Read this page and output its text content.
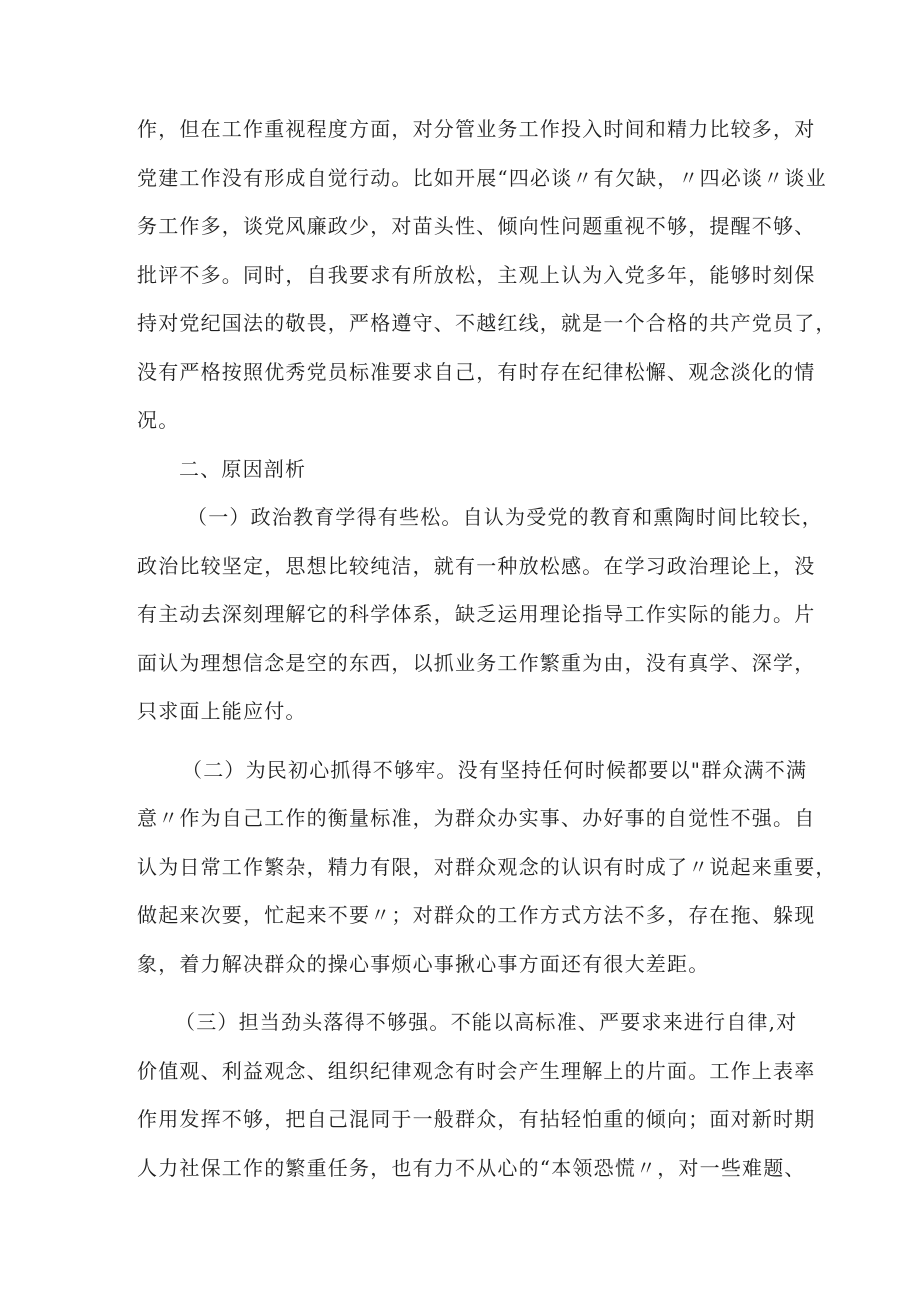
作，但在工作重视程度方面，对分管业务工作投入时间和精力比较多，对
党建工作没有形成自觉行动。比如开展“四必谈〃有欠缺，〃四必谈〃谈业
务工作多，谈党风廉政少，对苗头性、倾向性问题重视不够，提醒不够、
批评不多。同时，自我要求有所放松，主观上认为入党多年，能够时刻保
持对党纪国法的敬畏，严格遵守、不越红线，就是一个合格的共产党员了，
没有严格按照优秀党员标准要求自己，有时存在纪律松懈、观念淡化的情
况。

二、原因剖析

（一）政治教育学得有些松。自认为受党的教育和熏陶时间比较长，
政治比较坚定，思想比较纯洁，就有一种放松感。在学习政治理论上，没
有主动去深刻理解它的科学体系，缺乏运用理论指导工作实际的能力。片
面认为理想信念是空的东西，以抓业务工作繁重为由，没有真学、深学，
只求面上能应付。

（二）为民初心抓得不够牢。没有坚持任何时候都要以"群众满不满
意〃作为自己工作的衡量标准，为群众办实事、办好事的自觉性不强。自
认为日常工作繁杂，精力有限，对群众观念的认识有时成了〃说起来重要，
做起来次要，忙起来不要〃；对群众的工作方式方法不多，存在拖、躲现
象，着力解决群众的操心事烦心事揪心事方面还有很大差距。

（三）担当劲头落得不够强。不能以高标准、严要求来进行自律,对
价值观、利益观念、组织纪律观念有时会产生理解上的片面。工作上表率
作用发挥不够，把自己混同于一般群众，有拈轻怕重的倾向；面对新时期
人力社保工作的繁重任务，也有力不从心的“本领恐慌〃，对一些难题、
